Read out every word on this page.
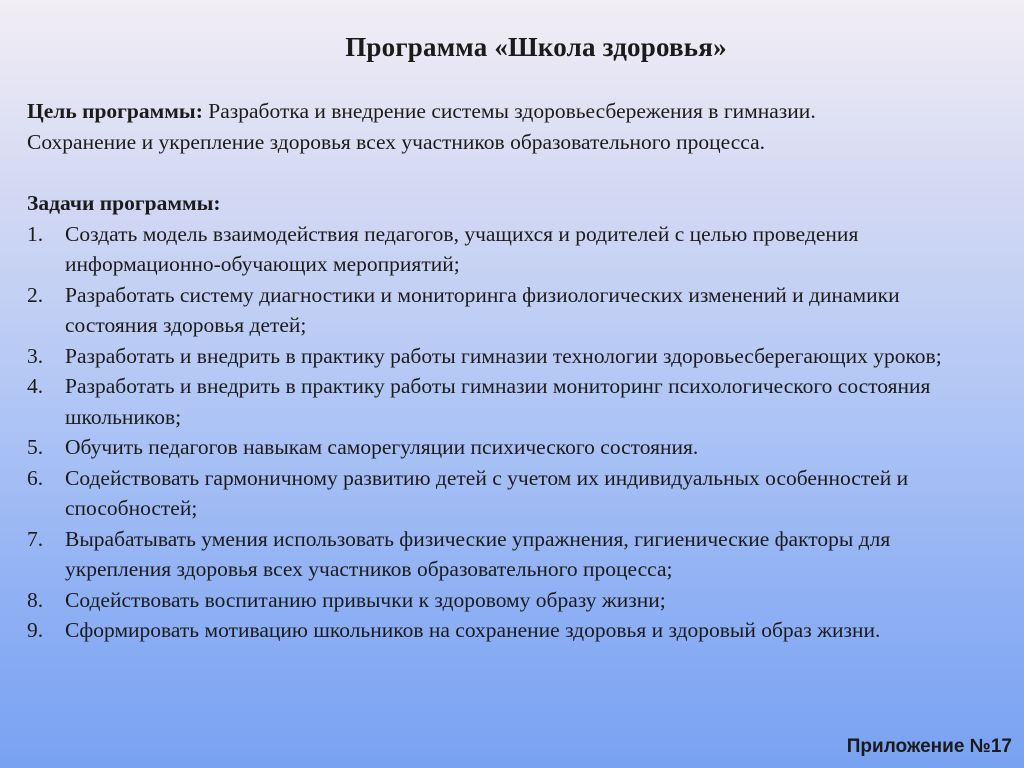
Программа «Школа здоровья»

Цель программы: Разработка и внедрение системы здоровьесбережения в гимназии.

Сохранение и укрепление здоровья всех участников образовательного процесса.

Задачи программы:
1.	Создать модель взаимодействия педагогов, учащихся и родителей с целью проведения информационно-обучающих мероприятий;
2.	Разработать систему диагностики и мониторинга физиологических изменений и динамики состояния здоровья детей;
3.	Разработать и внедрить в практику работы гимназии технологии здоровьесберегающих уроков;
4.	Разработать и внедрить в практику работы гимназии мониторинг психологического состояния школьников;
5.	Обучить педагогов навыкам саморегуляции психического состояния.
6.	Содействовать гармоничному развитию детей с учетом их индивидуальных особенностей и способностей;
7.	Вырабатывать умения использовать физические упражнения, гигиенические факторы для укрепления здоровья всех участников образовательного процесса;
8.	Содействовать воспитанию привычки к здоровому образу жизни;
9.	Сформировать мотивацию школьников на сохранение здоровья и здоровый образ жизни.
Приложение №17
